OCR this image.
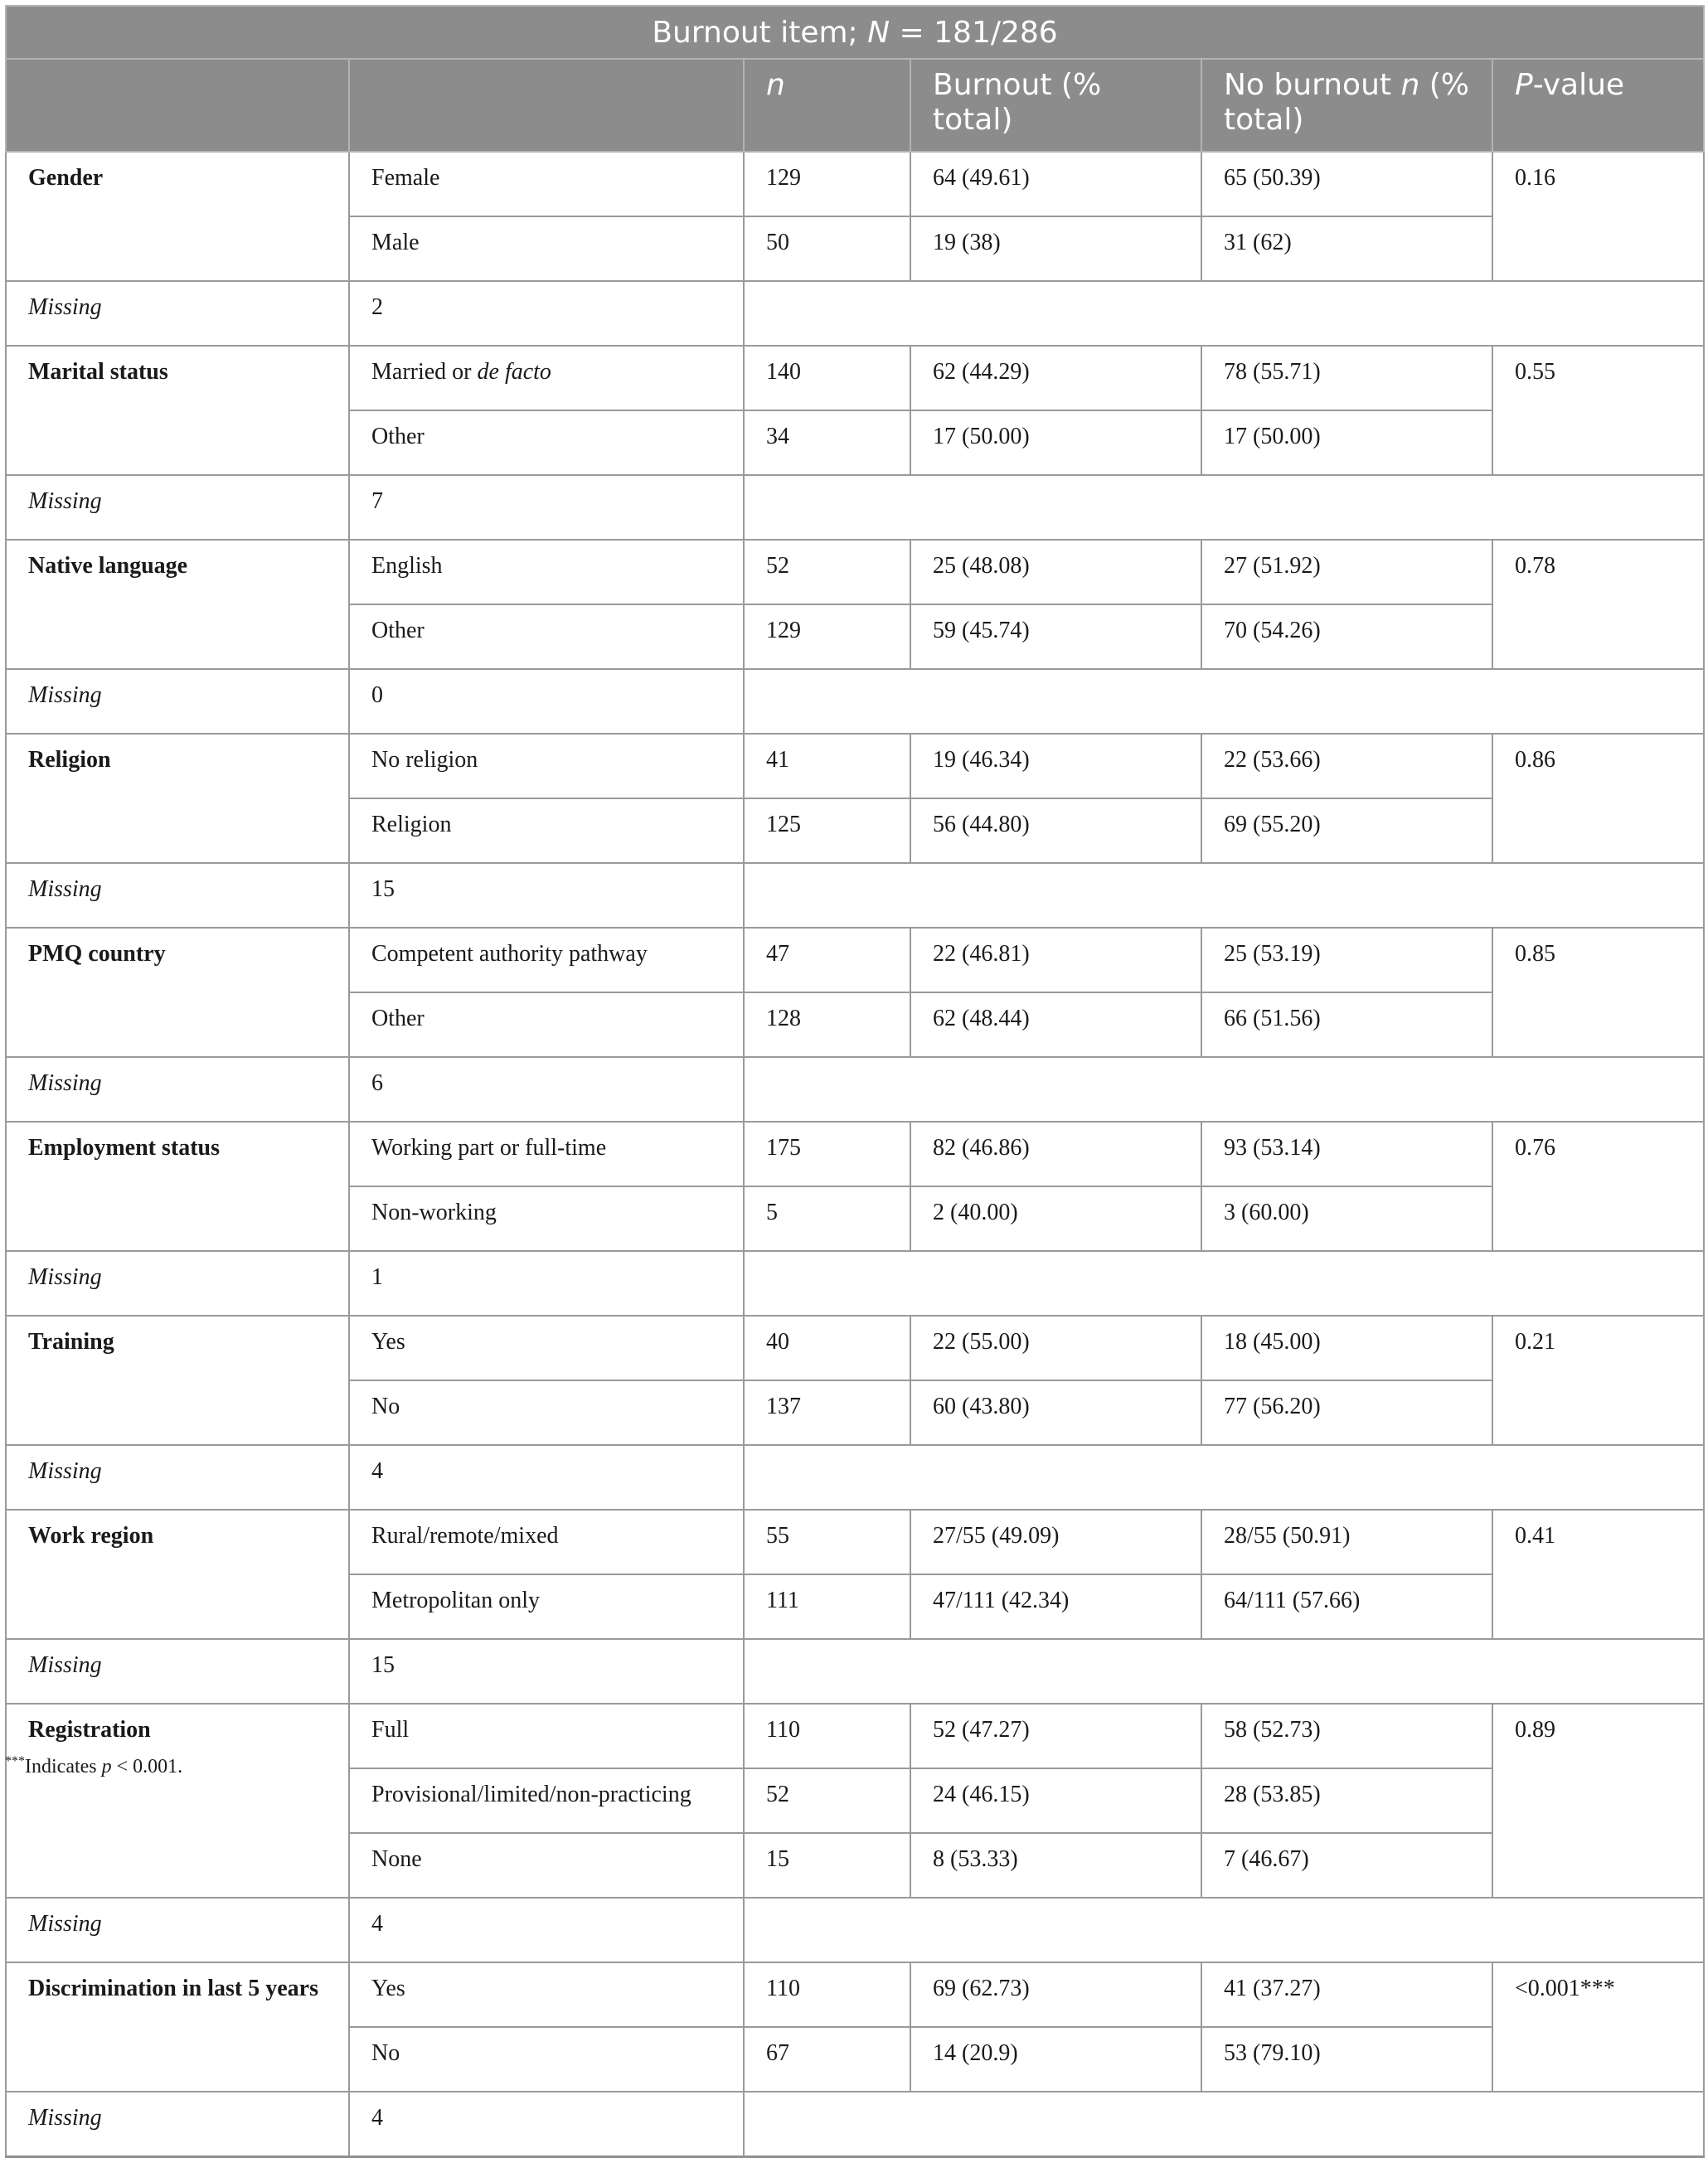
Burnout item; N = 181/286					
		n	Burnout (% total)	No burnout n (% total)	P-value
Gender	Female	129	64 (49.61)	65 (50.39)	0.16
	Male	50	19 (38)	31 (62)	
Missing	2				
Marital status	Married or de facto	140	62 (44.29)	78 (55.71)	0.55
	Other	34	17 (50.00)	17 (50.00)	
Missing	7				
Native language	English	52	25 (48.08)	27 (51.92)	0.78
	Other	129	59 (45.74)	70 (54.26)	
Missing	0				
Religion	No religion	41	19 (46.34)	22 (53.66)	0.86
	Religion	125	56 (44.80)	69 (55.20)	
Missing	15				
PMQ country	Competent authority pathway	47	22 (46.81)	25 (53.19)	0.85
	Other	128	62 (48.44)	66 (51.56)	
Missing	6				
Employment status	Working part or full-time	175	82 (46.86)	93 (53.14)	0.76
	Non-working	5	2 (40.00)	3 (60.00)	
Missing	1				
Training	Yes	40	22 (55.00)	18 (45.00)	0.21
	No	137	60 (43.80)	77 (56.20)	
Missing	4				
Work region	Rural/remote/mixed	55	27/55 (49.09)	28/55 (50.91)	0.41
	Metropolitan only	111	47/111 (42.34)	64/111 (57.66)	
Missing	15				
Registration	Full	110	52 (47.27)	58 (52.73)	0.89
	Provisional/limited/non-practicing	52	24 (46.15)	28 (53.85)	
	None	15	8 (53.33)	7 (46.67)	
Missing	4				
Discrimination in last 5 years	Yes	110	69 (62.73)	41 (37.27)	<0.001***
	No	67	14 (20.9)	53 (79.10)	
Missing	4				
***Indicates p < 0.001.
